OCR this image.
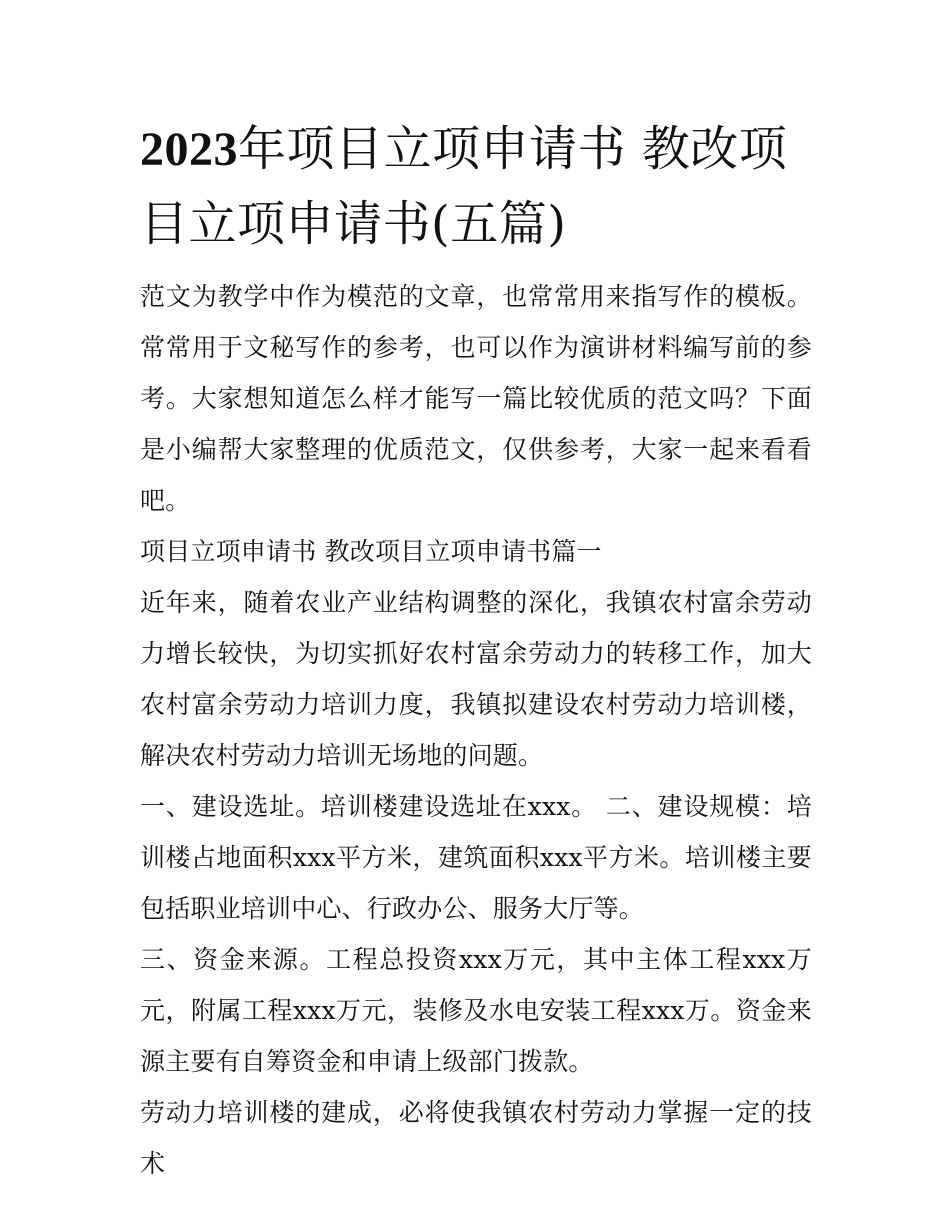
2023年项目立项申请书 教改项目立项申请书(五篇)

范文为教学中作为模范的文章，也常常用来指写作的模板。常常用于文秘写作的参考，也可以作为演讲材料编写前的参考。大家想知道怎么样才能写一篇比较优质的范文吗？下面是小编帮大家整理的优质范文，仅供参考，大家一起来看看吧。

项目立项申请书 教改项目立项申请书篇一

近年来，随着农业产业结构调整的深化，我镇农村富余劳动力增长较快，为切实抓好农村富余劳动力的转移工作，加大农村富余劳动力培训力度，我镇拟建设农村劳动力培训楼，解决农村劳动力培训无场地的问题。

一、建设选址。培训楼建设选址在xxx。 二、建设规模：培训楼占地面积xxx平方米，建筑面积xxx平方米。培训楼主要包括职业培训中心、行政办公、服务大厅等。

三、资金来源。工程总投资xxx万元，其中主体工程xxx万元，附属工程xxx万元，装修及水电安装工程xxx万。资金来源主要有自筹资金和申请上级部门拨款。

劳动力培训楼的建成，必将使我镇农村劳动力掌握一定的技术
